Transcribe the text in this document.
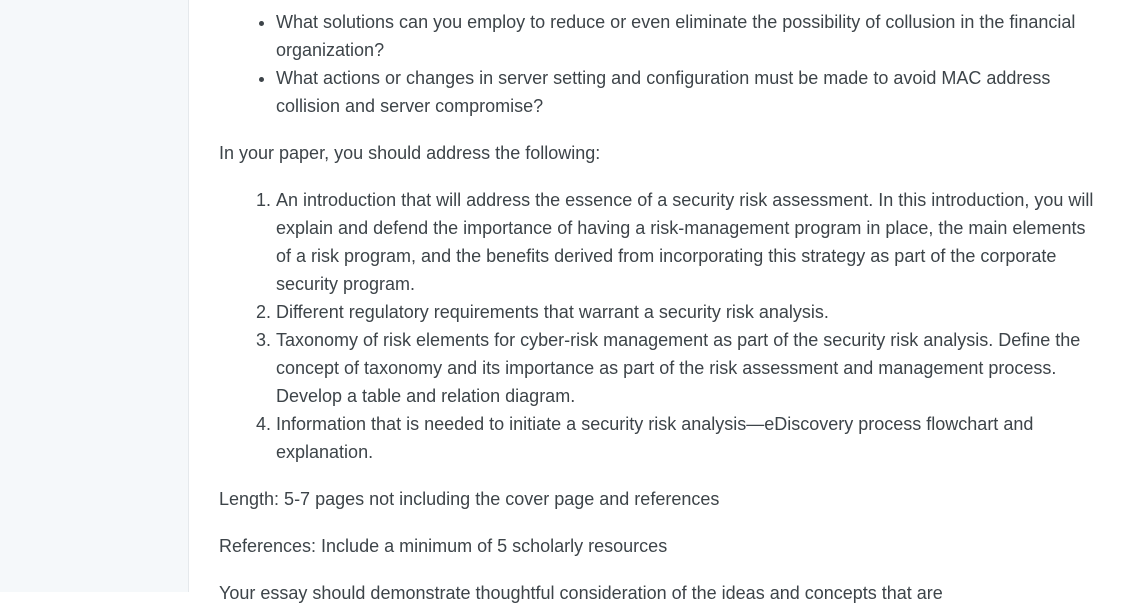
• What solutions can you employ to reduce or even eliminate the possibility of collusion in the financial organization?
• What actions or changes in server setting and configuration must be made to avoid MAC address collision and server compromise?

In your paper, you should address the following:

1. An introduction that will address the essence of a security risk assessment. In this introduction, you will explain and defend the importance of having a risk-management program in place, the main elements of a risk program, and the benefits derived from incorporating this strategy as part of the corporate security program.
2. Different regulatory requirements that warrant a security risk analysis.
3. Taxonomy of risk elements for cyber-risk management as part of the security risk analysis. Define the concept of taxonomy and its importance as part of the risk assessment and management process. Develop a table and relation diagram.
4. Information that is needed to initiate a security risk analysis—eDiscovery process flowchart and explanation.

Length: 5-7 pages not including the cover page and references

References: Include a minimum of 5 scholarly resources

Your essay should demonstrate thoughtful consideration of the ideas and concepts that are
